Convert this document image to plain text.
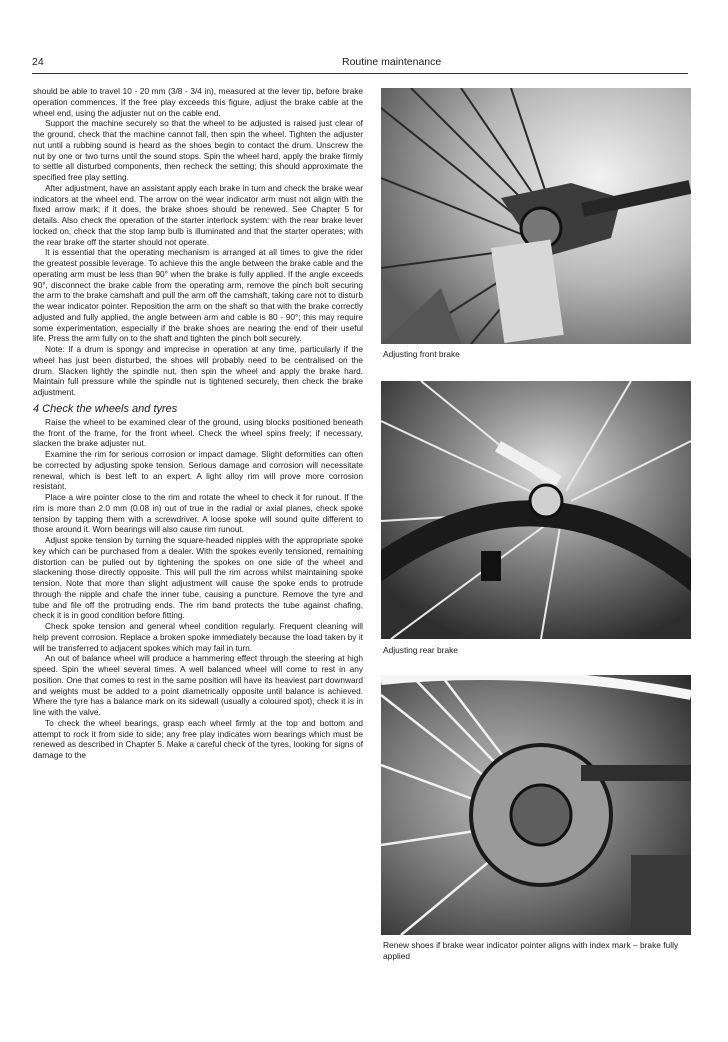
24	Routine maintenance

should be able to travel 10 - 20 mm (3/8 - 3/4 in), measured at the lever tip, before brake operation commences. If the free play exceeds this figure, adjust the brake cable at the wheel end, using the adjuster nut on the cable end.

Support the machine securely so that the wheel to be adjusted is raised just clear of the ground, check that the machine cannot fall, then spin the wheel. Tighten the adjuster nut until a rubbing sound is heard as the shoes begin to contact the drum. Unscrew the nut by one or two turns until the sound stops. Spin the wheel hard, apply the brake firmly to settle all disturbed components, then recheck the setting; this should approximate the specified free play setting.

After adjustment, have an assistant apply each brake in turn and check the brake wear indicators at the wheel end. The arrow on the wear indicator arm must not align with the fixed arrow mark; if it does, the brake shoes should be renewed. See Chapter 5 for details. Also check the operation of the starter interlock system: with the rear brake lever locked on, check that the stop lamp bulb is illuminated and that the starter operates; with the rear brake off the starter should not operate.

It is essential that the operating mechanism is arranged at all times to give the rider the greatest possible leverage. To achieve this the angle between the brake cable and the operating arm must be less than 90° when the brake is fully applied. If the angle exceeds 90°, disconnect the brake cable from the operating arm, remove the pinch bolt securing the arm to the brake camshaft and pull the arm off the camshaft, taking care not to disturb the wear indicator pointer. Reposition the arm on the shaft so that with the brake correctly adjusted and fully applied, the angle between arm and cable is 80 - 90°; this may require some experimentation, especially if the brake shoes are nearing the end of their useful life. Press the arm fully on to the shaft and tighten the pinch bolt securely.

Note: If a drum is spongy and imprecise in operation at any time, particularly if the wheel has just been disturbed, the shoes will probably need to be centralised on the drum. Slacken lightly the spindle nut, then spin the wheel and apply the brake hard. Maintain full pressure while the spindle nut is tightened securely, then check the brake adjustment.

4 Check the wheels and tyres

Raise the wheel to be examined clear of the ground, using blocks positioned beneath the front of the frame, for the front wheel. Check the wheel spins freely; if necessary, slacken the brake adjuster nut.

Examine the rim for serious corrosion or impact damage. Slight deformities can often be corrected by adjusting spoke tension. Serious damage and corrosion will necessitate renewal, which is best left to an expert. A light alloy rim will prove more corrosion resistant.

Place a wire pointer close to the rim and rotate the wheel to check it for runout. If the rim is more than 2.0 mm (0.08 in) out of true in the radial or axial planes, check spoke tension by tapping them with a screwdriver. A loose spoke will sound quite different to those around it. Worn bearings will also cause rim runout.

Adjust spoke tension by turning the square-headed nipples with the appropriate spoke key which can be purchased from a dealer. With the spokes evenly tensioned, remaining distortion can be pulled out by tightening the spokes on one side of the wheel and slackening those directly opposite. This will pull the rim across whilst maintaining spoke tension. Note that more than slight adjustment will cause the spoke ends to protrude through the nipple and chafe the inner tube, causing a puncture. Remove the tyre and tube and file off the protruding ends. The rim band protects the tube against chafing, check it is in good condition before fitting.

Check spoke tension and general wheel condition regularly. Frequent cleaning will help prevent corrosion. Replace a broken spoke immediately because the load taken by it will be transferred to adjacent spokes which may fail in turn.

An out of balance wheel will produce a hammering effect through the steering at high speed. Spin the wheel several times. A well balanced wheel will come to rest in any position. One that comes to rest in the same position will have its heaviest part downward and weights must be added to a point diametrically opposite until balance is achieved. Where the tyre has a balance mark on its sidewall (usually a coloured spot), check it is in line with the valve.

To check the wheel bearings, grasp each wheel firmly at the top and bottom and attempt to rock it from side to side; any free play indicates worn bearings which must be renewed as described in Chapter 5. Make a careful check of the tyres, looking for signs of damage to the

Adjusting front brake
Adjusting rear brake
Renew shoes if brake wear indicator pointer aligns with index mark – brake fully applied
